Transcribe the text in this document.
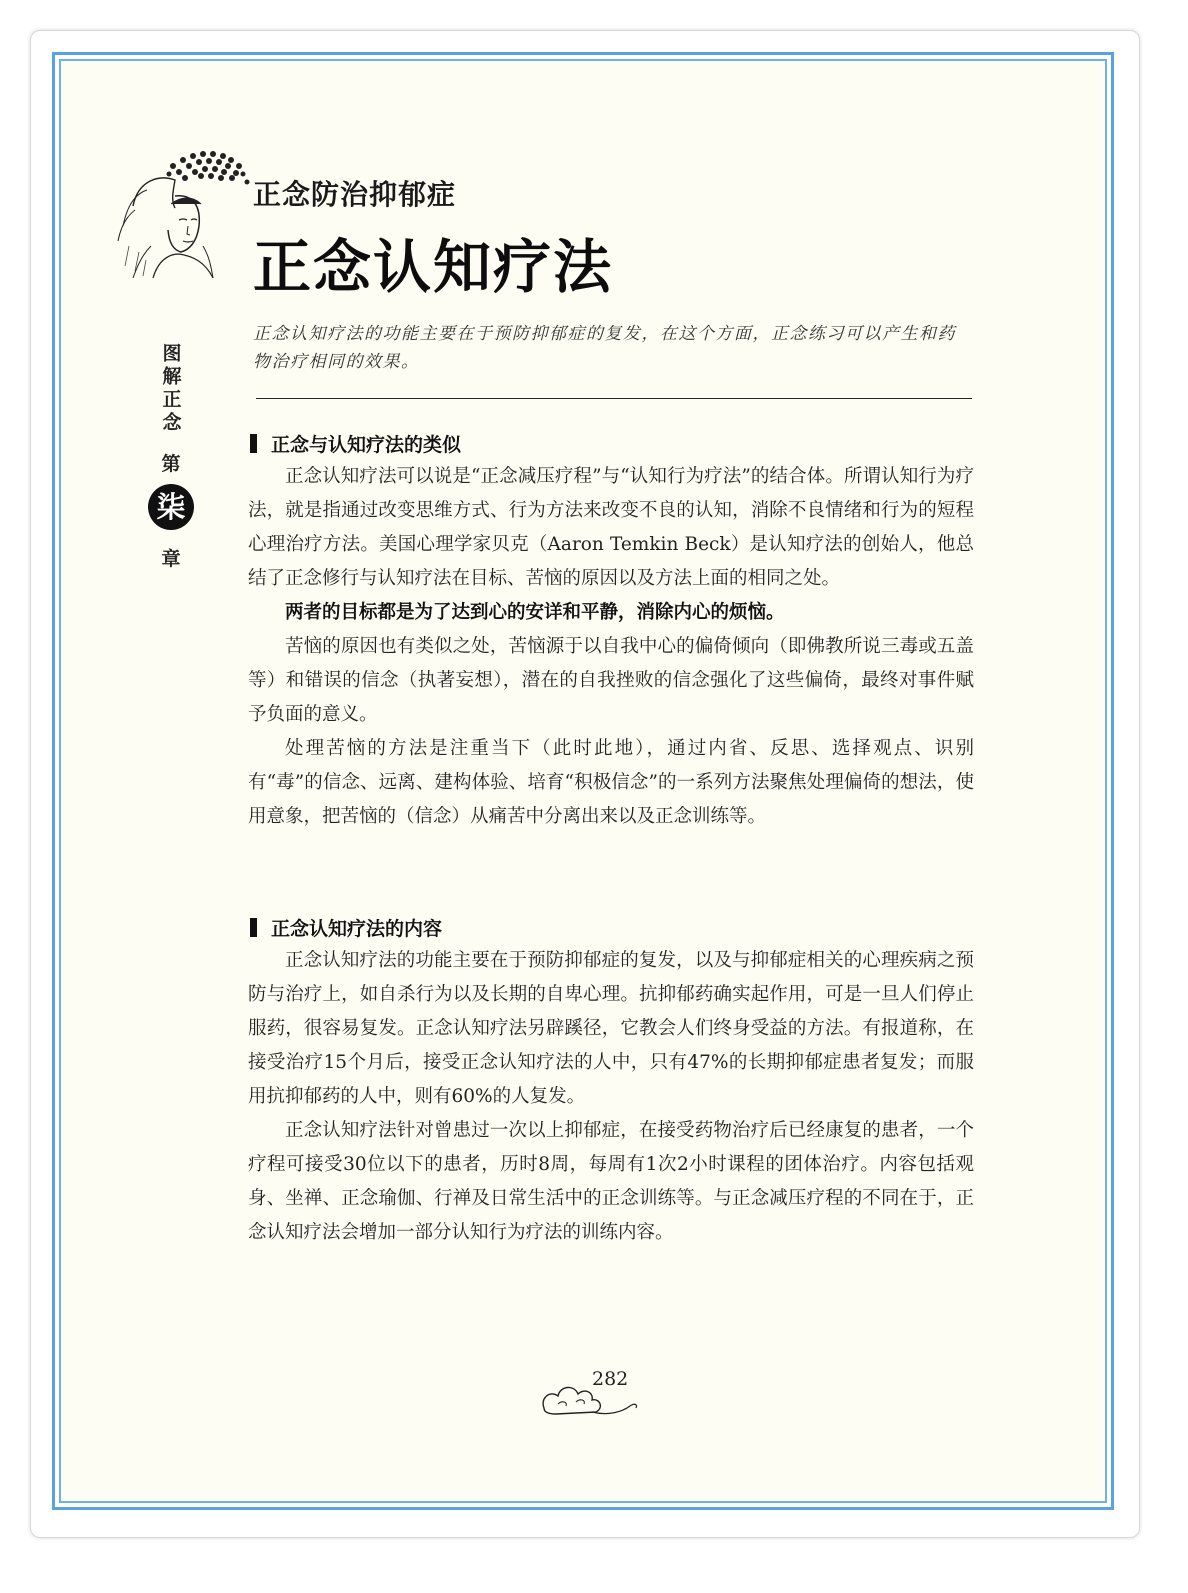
正念防治抑郁症
正念认知疗法
图解正念
第
柒
章
正念认知疗法的功能主要在于预防抑郁症的复发，在这个方面，正念练习可以产生和药物治疗相同的效果。
正念与认知疗法的类似

正念认知疗法可以说是“正念减压疗程”与“认知行为疗法”的结合体。所谓认知行为疗法，就是指通过改变思维方式、行为方法来改变不良的认知，消除不良情绪和行为的短程心理治疗方法。美国心理学家贝克（Aaron Temkin Beck）是认知疗法的创始人，他总结了正念修行与认知疗法在目标、苦恼的原因以及方法上面的相同之处。

两者的目标都是为了达到心的安详和平静，消除内心的烦恼。

苦恼的原因也有类似之处，苦恼源于以自我中心的偏倚倾向（即佛教所说三毒或五盖等）和错误的信念（执著妄想），潜在的自我挫败的信念强化了这些偏倚，最终对事件赋予负面的意义。

处理苦恼的方法是注重当下（此时此地），通过内省、反思、选择观点、识别有“毒”的信念、远离、建构体验、培育“积极信念”的一系列方法聚焦处理偏倚的想法，使用意象，把苦恼的（信念）从痛苦中分离出来以及正念训练等。

正念认知疗法的内容

正念认知疗法的功能主要在于预防抑郁症的复发，以及与抑郁症相关的心理疾病之预防与治疗上，如自杀行为以及长期的自卑心理。抗抑郁药确实起作用，可是一旦人们停止服药，很容易复发。正念认知疗法另辟蹊径，它教会人们终身受益的方法。有报道称，在接受治疗15个月后，接受正念认知疗法的人中，只有47%的长期抑郁症患者复发；而服用抗抑郁药的人中，则有60%的人复发。

正念认知疗法针对曾患过一次以上抑郁症，在接受药物治疗后已经康复的患者，一个疗程可接受30位以下的患者，历时8周，每周有1次2小时课程的团体治疗。内容包括观身、坐禅、正念瑜伽、行禅及日常生活中的正念训练等。与正念减压疗程的不同在于，正念认知疗法会增加一部分认知行为疗法的训练内容。

282
